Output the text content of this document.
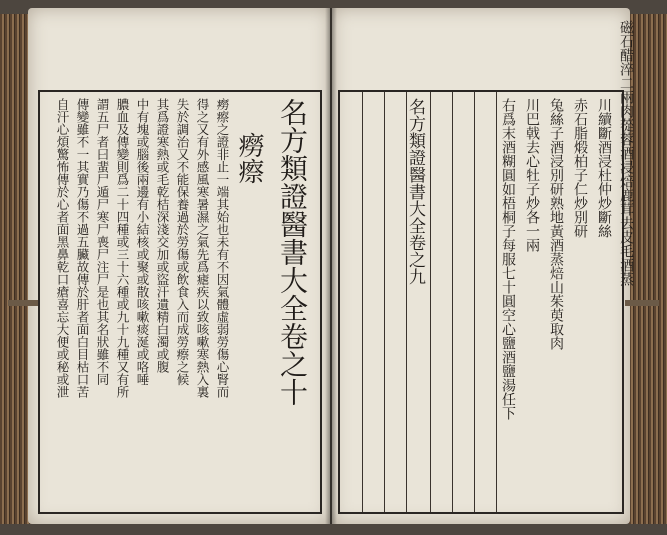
名方類證醫書大全卷之十
癆瘵
癆瘵之證非止一端其始也未有不因氣體虛弱勞傷心腎而
得之又有外感風寒暑濕之氣先爲瘧疾以致咳嗽寒熱入裏
失於調治又不能保養過於勞傷或飲食入而成勞瘵之候
其爲證寒熱或毛乾桔深淺交加或盜汗遺精白濁或腹
中有塊或腦後兩邊有小結核或聚或散咳嗽痰涎或咯唾
膿血及傳變則爲二十四種或三十六種或九十九種又有所
謂五尸者曰蜚尸遁尸寒尸喪尸注尸是也其名狀雖不同
傳變雖不一其實乃傷不過五臟故傳於肝者面白目枯口苦
自汗心煩驚怖傳於心者面黑鼻乾口瘡喜忘大便或秘或泄	名方類證醫書大全卷之九	右爲末酒糊圓如梧桐子每服七十圓空心鹽酒鹽湯任下 川巴戟去心牡子炒各一兩 兔絲子酒浸別研熟地黃酒蒸焙山茱萸取肉 赤石脂煅柏子仁炒別研 川續斷酒浸杜仲炒斷絲 磁石醋淬二兩肉蓯蓉酒浸焙鹿茸去皮毛酒蒸
